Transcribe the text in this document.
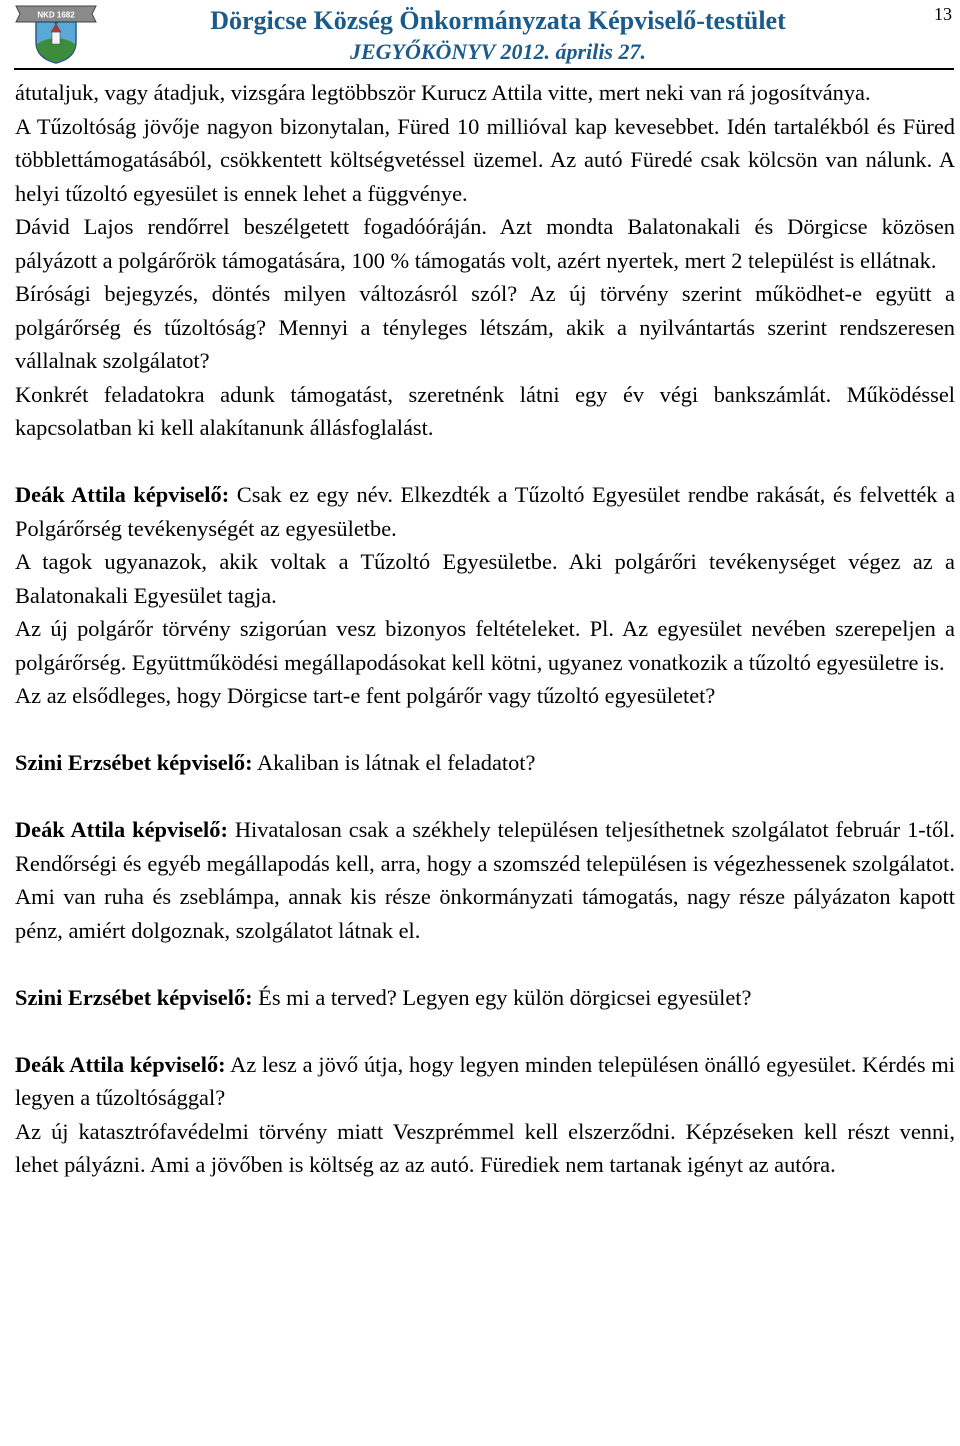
NKD 1682	Dörgicse Község Önkormányzata Képviselő-testület
JEGYŐKÖNYV 2012. április 27.
13

átutaljuk, vagy átadjuk, vizsgára legtöbbször Kurucz Attila vitte, mert neki van rá jogosítványa.

A Tűzoltóság jövője nagyon bizonytalan, Füred 10 millióval kap kevesebbet. Idén tartalékból és Füred többlettámogatásából, csökkentett költségvetéssel üzemel. Az autó Füredé csak kölcsön van nálunk. A helyi tűzoltó egyesület is ennek lehet a függvénye.

Dávid Lajos rendőrrel beszélgetett fogadóóráján. Azt mondta Balatonakali és Dörgicse közösen pályázott a polgárőrök támogatására, 100 % támogatás volt, azért nyertek, mert 2 települést is ellátnak.

Bírósági bejegyzés, döntés milyen változásról szól? Az új törvény szerint működhet-e együtt a polgárőrség és tűzoltóság? Mennyi a tényleges létszám, akik a nyilvántartás szerint rendszeresen vállalnak szolgálatot?

Konkrét feladatokra adunk támogatást, szeretnénk látni egy év végi bankszámlát. Működéssel kapcsolatban ki kell alakítanunk állásfoglalást.

Deák Attila képviselő: Csak ez egy név. Elkezdték a Tűzoltó Egyesület rendbe rakását, és felvették a Polgárőrség tevékenységét az egyesületbe.

A tagok ugyanazok, akik voltak a Tűzoltó Egyesületbe. Aki polgárőri tevékenységet végez az a Balatonakali Egyesület tagja.

Az új polgárőr törvény szigorúan vesz bizonyos feltételeket. Pl. Az egyesület nevében szerepeljen a polgárőrség. Együttműködési megállapodásokat kell kötni, ugyanez vonatkozik a tűzoltó egyesületre is.

Az az elsődleges, hogy Dörgicse tart-e fent polgárőr vagy tűzoltó egyesületet?

Szini Erzsébet képviselő: Akaliban is látnak el feladatot?

Deák Attila képviselő: Hivatalosan csak a székhely településen teljesíthetnek szolgálatot február 1-től. Rendőrségi és egyéb megállapodás kell, arra, hogy a szomszéd településen is végezhessenek szolgálatot. Ami van ruha és zseblámpa, annak kis része önkormányzati támogatás, nagy része pályázaton kapott pénz, amiért dolgoznak, szolgálatot látnak el.

Szini Erzsébet képviselő: És mi a terved? Legyen egy külön dörgicsei egyesület?

Deák Attila képviselő: Az lesz a jövő útja, hogy legyen minden településen önálló egyesület. Kérdés mi legyen a tűzoltósággal?

Az új katasztrófavédelmi törvény miatt Veszprémmel kell elszerződni. Képzéseken kell részt venni, lehet pályázni. Ami a jövőben is költség az az autó. Fürediek nem tartanak igényt az autóra.
